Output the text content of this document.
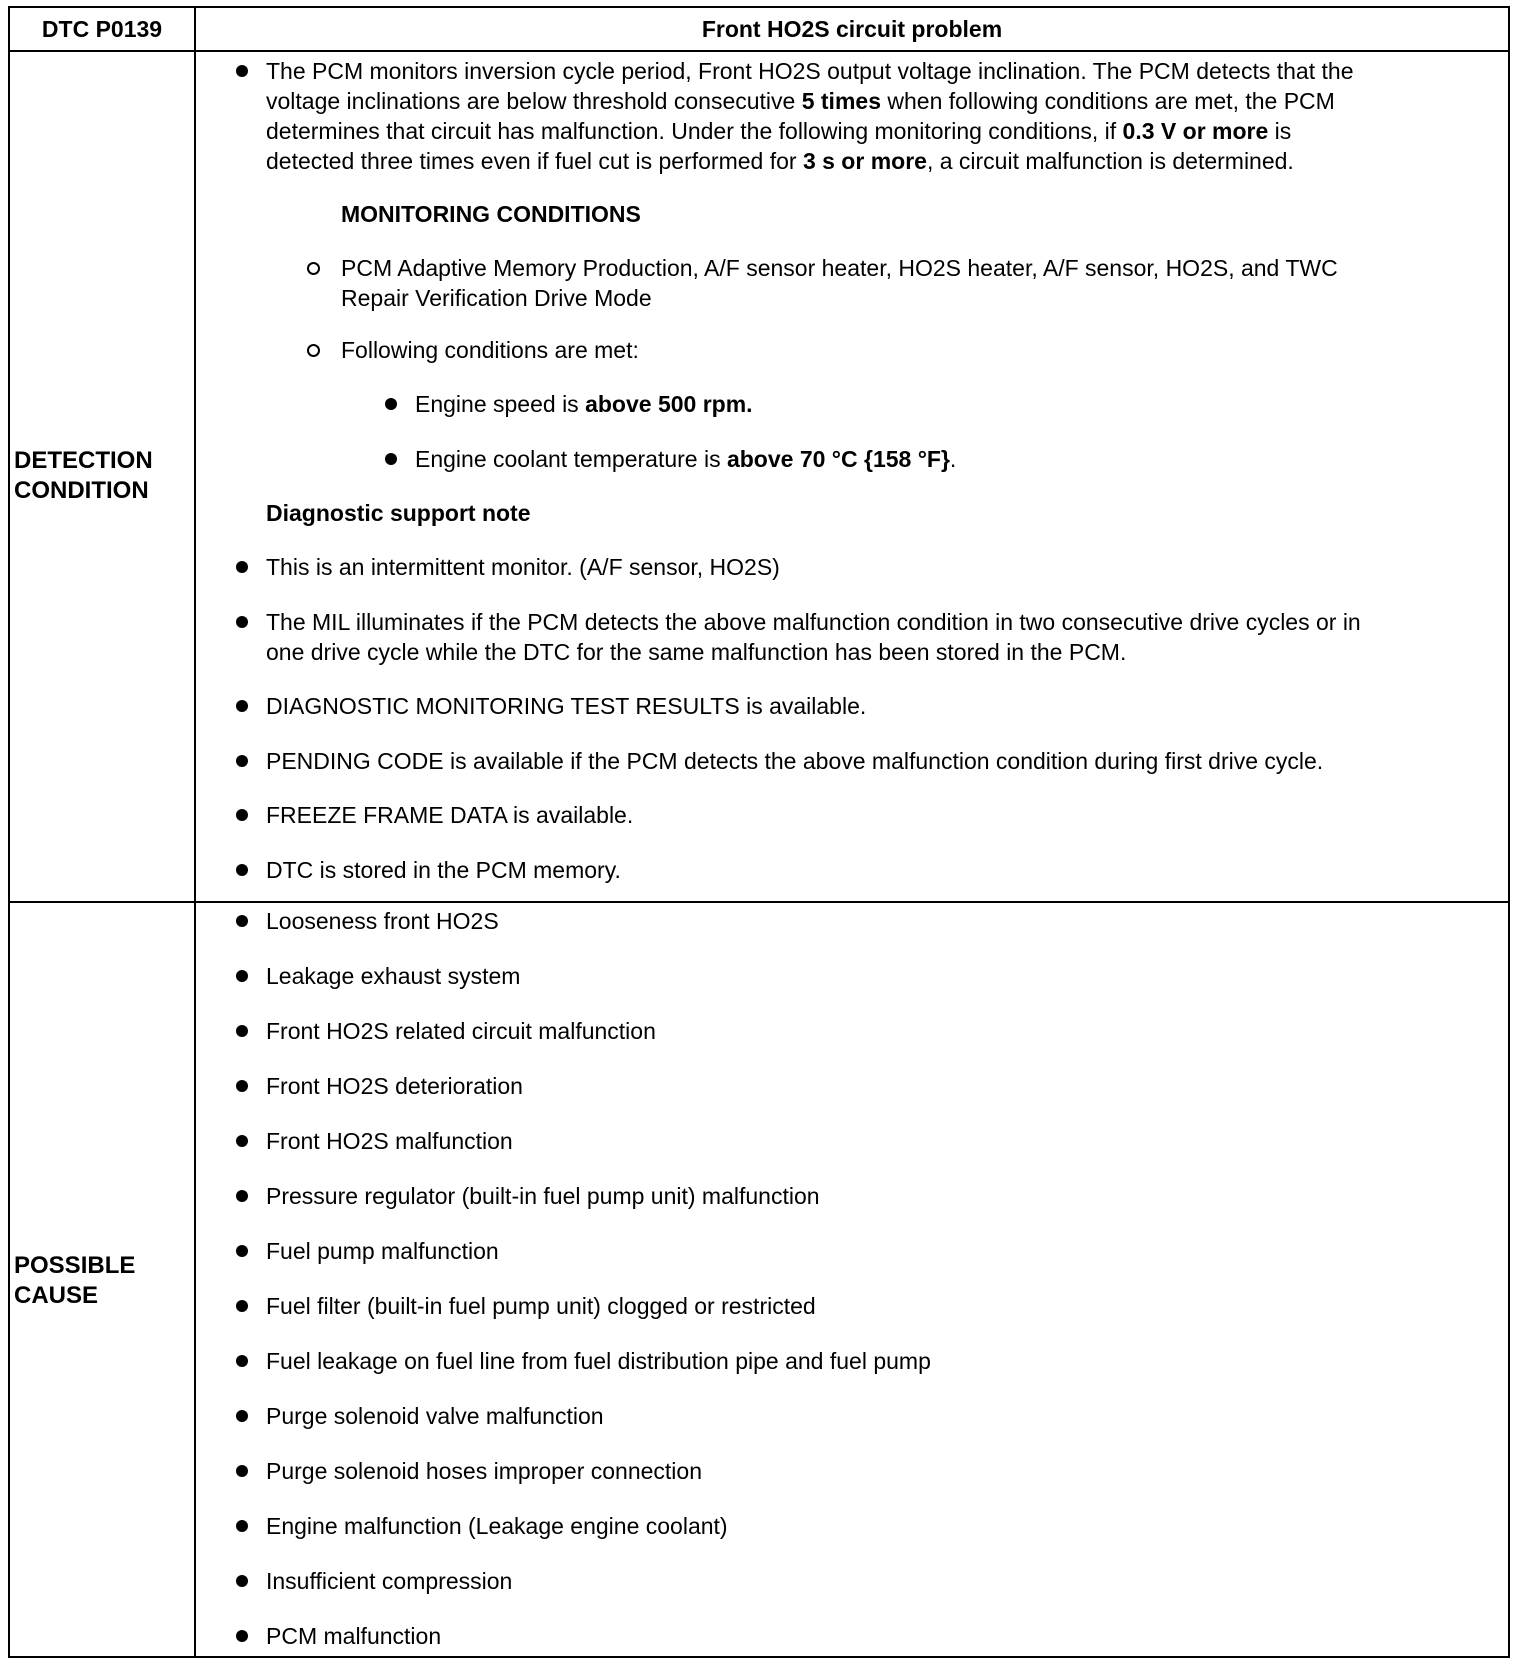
DTC P0139	Front HO2S circuit problem
DETECTION
CONDITION
POSSIBLE
CAUSE
The PCM monitors inversion cycle period, Front HO2S output voltage inclination. The PCM detects that the
voltage inclinations are below threshold consecutive 5 times when following conditions are met, the PCM
determines that circuit has malfunction. Under the following monitoring conditions, if 0.3 V or more is
detected three times even if fuel cut is performed for 3 s or more, a circuit malfunction is determined.
MONITORING CONDITIONS
PCM Adaptive Memory Production, A/F sensor heater, HO2S heater, A/F sensor, HO2S, and TWC
Repair Verification Drive Mode
Following conditions are met:
Engine speed is above 500 rpm.
Engine coolant temperature is above 70 °C {158 °F}.
Diagnostic support note
This is an intermittent monitor. (A/F sensor, HO2S)
The MIL illuminates if the PCM detects the above malfunction condition in two consecutive drive cycles or in
one drive cycle while the DTC for the same malfunction has been stored in the PCM.
DIAGNOSTIC MONITORING TEST RESULTS is available.
PENDING CODE is available if the PCM detects the above malfunction condition during first drive cycle.
FREEZE FRAME DATA is available.
DTC is stored in the PCM memory.
Looseness front HO2S
Leakage exhaust system
Front HO2S related circuit malfunction
Front HO2S deterioration
Front HO2S malfunction
Pressure regulator (built-in fuel pump unit) malfunction
Fuel pump malfunction
Fuel filter (built-in fuel pump unit) clogged or restricted
Fuel leakage on fuel line from fuel distribution pipe and fuel pump
Purge solenoid valve malfunction
Purge solenoid hoses improper connection
Engine malfunction (Leakage engine coolant)
Insufficient compression
PCM malfunction
